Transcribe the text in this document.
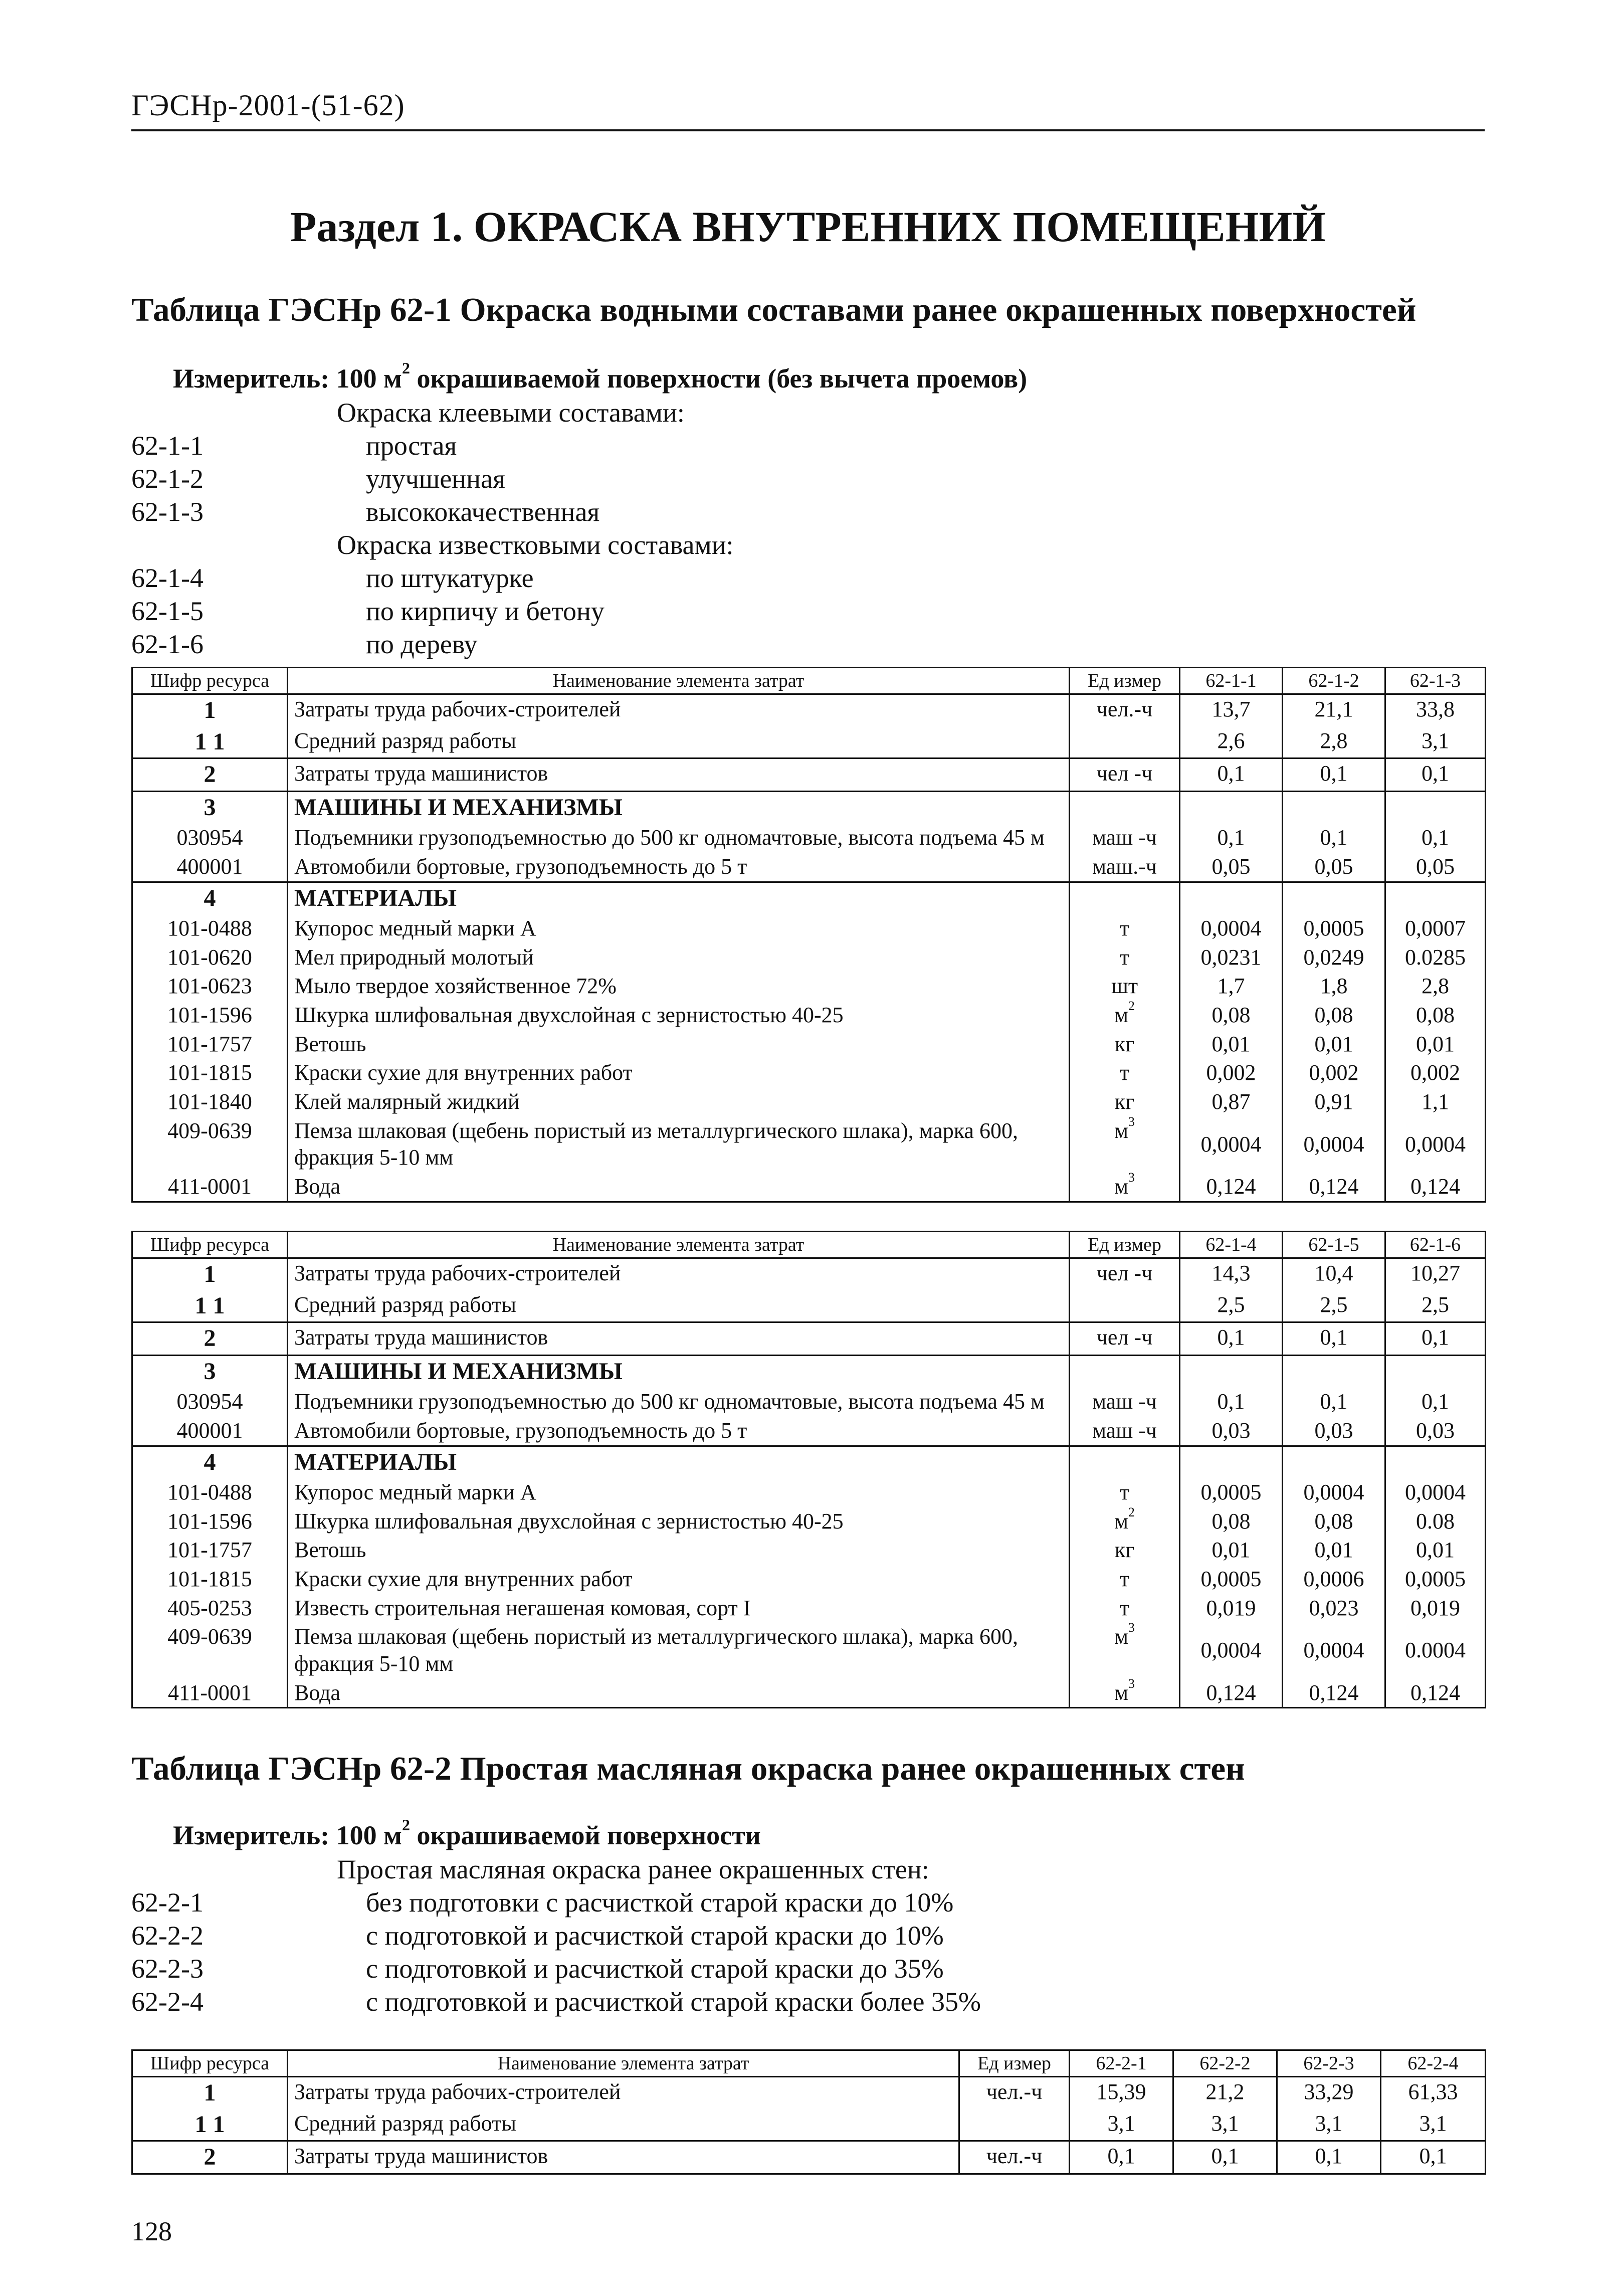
ГЭСНр-2001-(51-62)
Раздел 1. ОКРАСКА ВНУТРЕННИХ ПОМЕЩЕНИЙ
Таблица ГЭСНр 62-1 Окраска водными составами ранее окрашенных поверхностей
Измеритель: 100 $м^2$ окрашиваемой поверхности (без вычета проемов)
Окраска клеевыми составами:
62-1-1	простая
62-1-2	улучшенная
62-1-3	высококачественная
Окраска известковыми составами:
62-1-4	по штукатурке
62-1-5	по кирпичу и бетону
62-1-6	по дереву
Шифр ресурса	Наименование элемента затрат	Ед измер	62-1-1	62-1-2	62-1-3
1	Затраты труда рабочих-строителей	чел.-ч	13,7	21,1	33,8
1 1	Средний разряд работы		2,6	2,8	3,1
2	Затраты труда машинистов	чел -ч	0,1	0,1	0,1
3	МАШИНЫ И МЕХАНИЗМЫ				
030954	Подъемники грузоподъемностью до 500 кг одномачтовые, высота подъема 45 м	маш -ч	0,1	0,1	0,1
400001	Автомобили бортовые, грузоподъемность до 5 т	маш.-ч	0,05	0,05	0,05
4	МАТЕРИАЛЫ				
101-0488	Купорос медный марки А	т	0,0004	0,0005	0,0007
101-0620	Мел природный молотый	т	0,0231	0,0249	0.0285
101-0623	Мыло твердое хозяйственное 72%	шт	1,7	1,8	2,8
101-1596	Шкурка шлифовальная двухслойная с зернистостью 40-25	$м^2$	0,08	0,08	0,08
101-1757	Ветошь	кг	0,01	0,01	0,01
101-1815	Краски сухие для внутренних работ	т	0,002	0,002	0,002
101-1840	Клей малярный жидкий	кг	0,87	0,91	1,1
409-0639	Пемза шлаковая (щебень пористый из металлургического шлака), марка 600, фракция 5-10 мм	$м^3$	0,0004	0,0004	0,0004
411-0001	Вода	$м^3$	0,124	0,124	0,124
Шифр ресурса	Наименование элемента затрат	Ед измер	62-1-4	62-1-5	62-1-6
1	Затраты труда рабочих-строителей	чел -ч	14,3	10,4	10,27
1 1	Средний разряд работы		2,5	2,5	2,5
2	Затраты труда машинистов	чел -ч	0,1	0,1	0,1
3	МАШИНЫ И МЕХАНИЗМЫ				
030954	Подъемники грузоподъемностью до 500 кг одномачтовые, высота подъема 45 м	маш -ч	0,1	0,1	0,1
400001	Автомобили бортовые, грузоподъемность до 5 т	маш -ч	0,03	0,03	0,03
4	МАТЕРИАЛЫ				
101-0488	Купорос медный марки А	т	0,0005	0,0004	0,0004
101-1596	Шкурка шлифовальная двухслойная с зернистостью 40-25	$м^2$	0,08	0,08	0.08
101-1757	Ветошь	кг	0,01	0,01	0,01
101-1815	Краски сухие для внутренних работ	т	0,0005	0,0006	0,0005
405-0253	Известь строительная негашеная комовая, сорт I	т	0,019	0,023	0,019
409-0639	Пемза шлаковая (щебень пористый из металлургического шлака), марка 600, фракция 5-10 мм	$м^3$	0,0004	0,0004	0.0004
411-0001	Вода	$м^3$	0,124	0,124	0,124
Таблица ГЭСНр 62-2 Простая масляная окраска ранее окрашенных стен
Измеритель: 100 $м^2$ окрашиваемой поверхности
Простая масляная окраска ранее окрашенных стен:
62-2-1	без подготовки с расчисткой старой краски до 10%
62-2-2	с подготовкой и расчисткой старой краски до 10%
62-2-3	с подготовкой и расчисткой старой краски до 35%
62-2-4	с подготовкой и расчисткой старой краски более 35%
Шифр ресурса	Наименование элемента затрат	Ед измер	62-2-1	62-2-2	62-2-3	62-2-4
1	Затраты труда рабочих-строителей	чел.-ч	15,39	21,2	33,29	61,33
1 1	Средний разряд работы		3,1	3,1	3,1	3,1
2	Затраты труда машинистов	чел.-ч	0,1	0,1	0,1	0,1
128
